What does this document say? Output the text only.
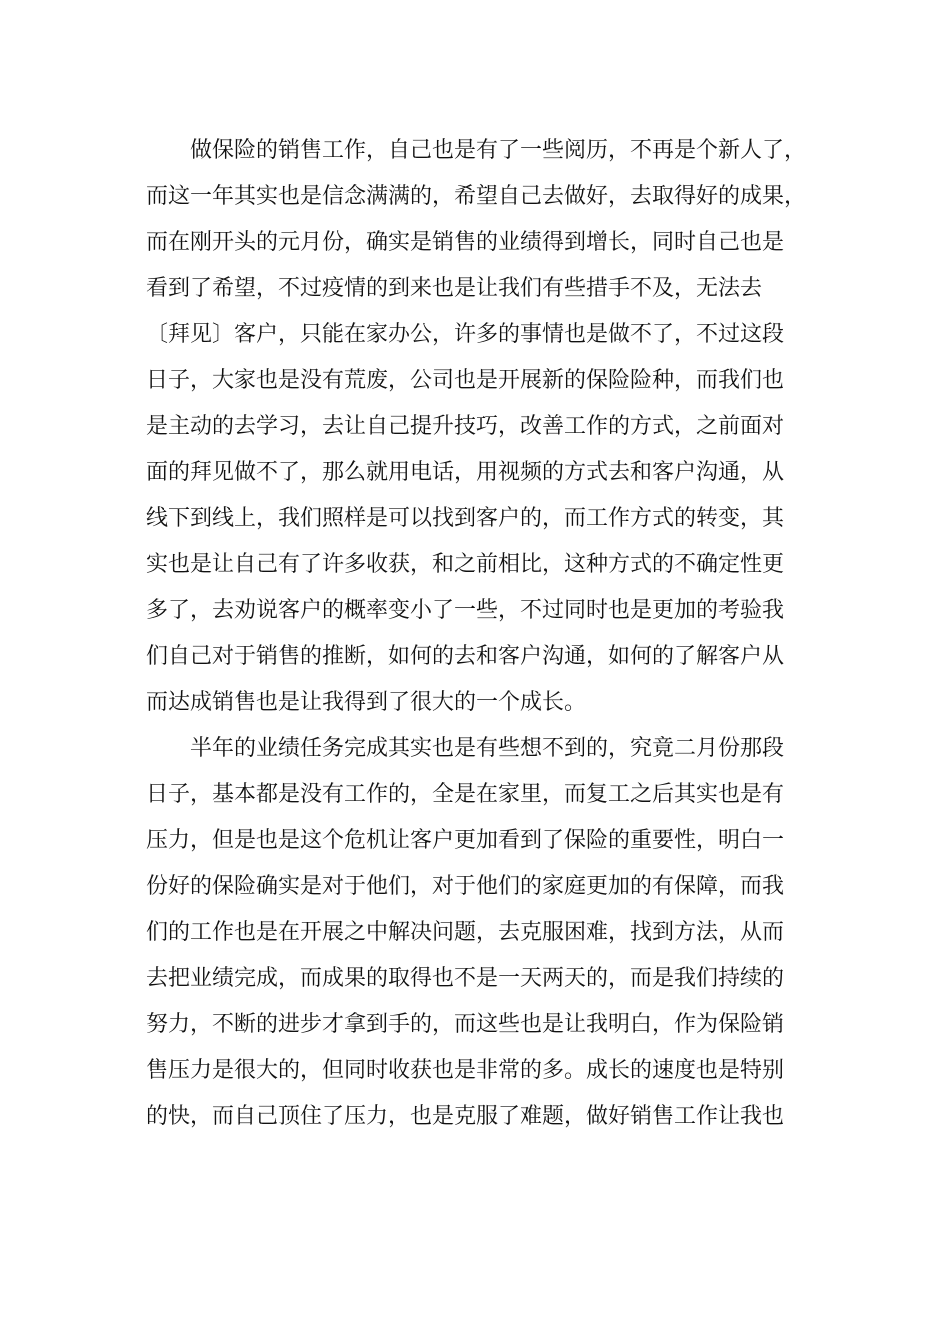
做保险的销售工作，自己也是有了一些阅历，不再是个新人了，
而这一年其实也是信念满满的，希望自己去做好，去取得好的成果，
而在刚开头的元月份，确实是销售的业绩得到增长，同时自己也是
看到了希望，不过疫情的到来也是让我们有些措手不及，无法去
〔拜见〕客户，只能在家办公，许多的事情也是做不了，不过这段
日子，大家也是没有荒废，公司也是开展新的保险险种，而我们也
是主动的去学习，去让自己提升技巧，改善工作的方式，之前面对
面的拜见做不了，那么就用电话，用视频的方式去和客户沟通，从
线下到线上，我们照样是可以找到客户的，而工作方式的转变，其
实也是让自己有了许多收获，和之前相比，这种方式的不确定性更
多了，去劝说客户的概率变小了一些，不过同时也是更加的考验我
们自己对于销售的推断，如何的去和客户沟通，如何的了解客户从
而达成销售也是让我得到了很大的一个成长。
半年的业绩任务完成其实也是有些想不到的，究竟二月份那段
日子，基本都是没有工作的，全是在家里，而复工之后其实也是有
压力，但是也是这个危机让客户更加看到了保险的重要性，明白一
份好的保险确实是对于他们，对于他们的家庭更加的有保障，而我
们的工作也是在开展之中解决问题，去克服困难，找到方法，从而
去把业绩完成，而成果的取得也不是一天两天的，而是我们持续的
努力，不断的进步才拿到手的，而这些也是让我明白，作为保险销
售压力是很大的，但同时收获也是非常的多。成长的速度也是特别
的快，而自己顶住了压力，也是克服了难题，做好销售工作让我也
